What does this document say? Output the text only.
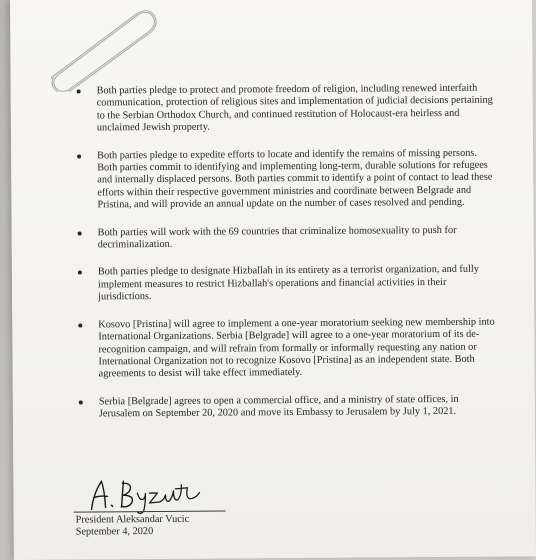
Both parties pledge to protect and promote freedom of religion, including renewed interfaith communication, protection of religious sites and implementation of judicial decisions pertaining to the Serbian Orthodox Church, and continued restitution of Holocaust-era heirless and unclaimed Jewish property.
Both parties pledge to expedite efforts to locate and identify the remains of missing persons. Both parties commit to identifying and implementing long-term, durable solutions for refugees and internally displaced persons. Both parties commit to identify a point of contact to lead these efforts within their respective government ministries and coordinate between Belgrade and Pristina, and will provide an annual update on the number of cases resolved and pending.
Both parties will work with the 69 countries that criminalize homosexuality to push for decriminalization.
Both parties pledge to designate Hizballah in its entirety as a terrorist organization, and fully implement measures to restrict Hizballah's operations and financial activities in their jurisdictions.
Kosovo [Pristina] will agree to implement a one-year moratorium seeking new membership into International Organizations. Serbia [Belgrade] will agree to a one-year moratorium of its de-recognition campaign, and will refrain from formally or informally requesting any nation or International Organization not to recognize Kosovo [Pristina] as an independent state. Both agreements to desist will take effect immediately.
Serbia [Belgrade] agrees to open a commercial office, and a ministry of state offices, in Jerusalem on September 20, 2020 and move its Embassy to Jerusalem by July 1, 2021.
President Aleksandar Vucic
September 4, 2020
